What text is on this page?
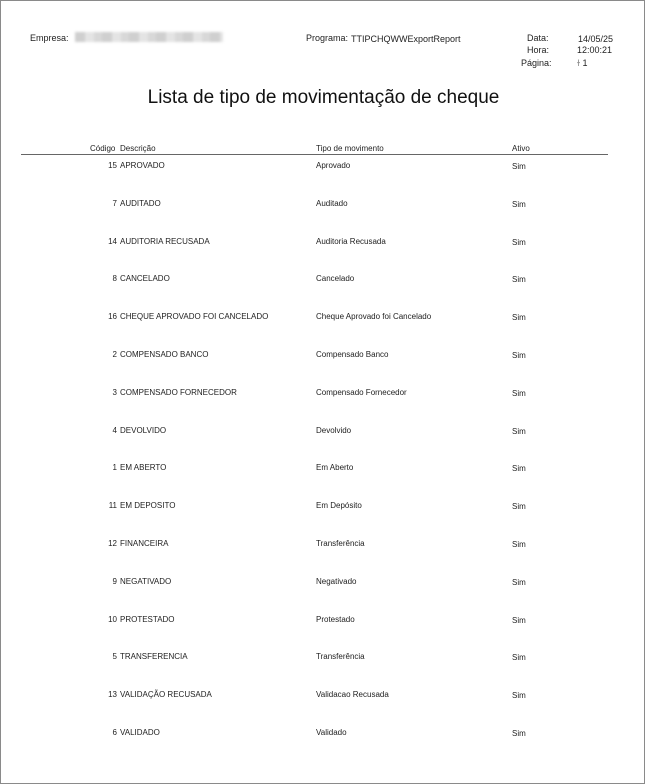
Empresa:	Programa: TTIPCHQWWExportReport	Data:	14/05/25
Hora:	12:00:21
Página:	ɫ 1
Lista de tipo de movimentação de cheque
Código Descrição	Tipo de movimento	Ativo
15 APROVADO	Aprovado	Sim
7 AUDITADO	Auditado	Sim
14 AUDITORIA RECUSADA	Auditoria Recusada	Sim
8 CANCELADO	Cancelado	Sim
16 CHEQUE APROVADO FOI CANCELADO	Cheque Aprovado foi Cancelado	Sim
2 COMPENSADO BANCO	Compensado Banco	Sim
3 COMPENSADO FORNECEDOR	Compensado Fornecedor	Sim
4 DEVOLVIDO	Devolvido	Sim
1 EM ABERTO	Em Aberto	Sim
11 EM DEPOSITO	Em Depósito	Sim
12 FINANCEIRA	Transferência	Sim
9 NEGATIVADO	Negativado	Sim
10 PROTESTADO	Protestado	Sim
5 TRANSFERENCIA	Transferência	Sim
13 VALIDAÇÃO RECUSADA	Validacao Recusada	Sim
6 VALIDADO	Validado	Sim
